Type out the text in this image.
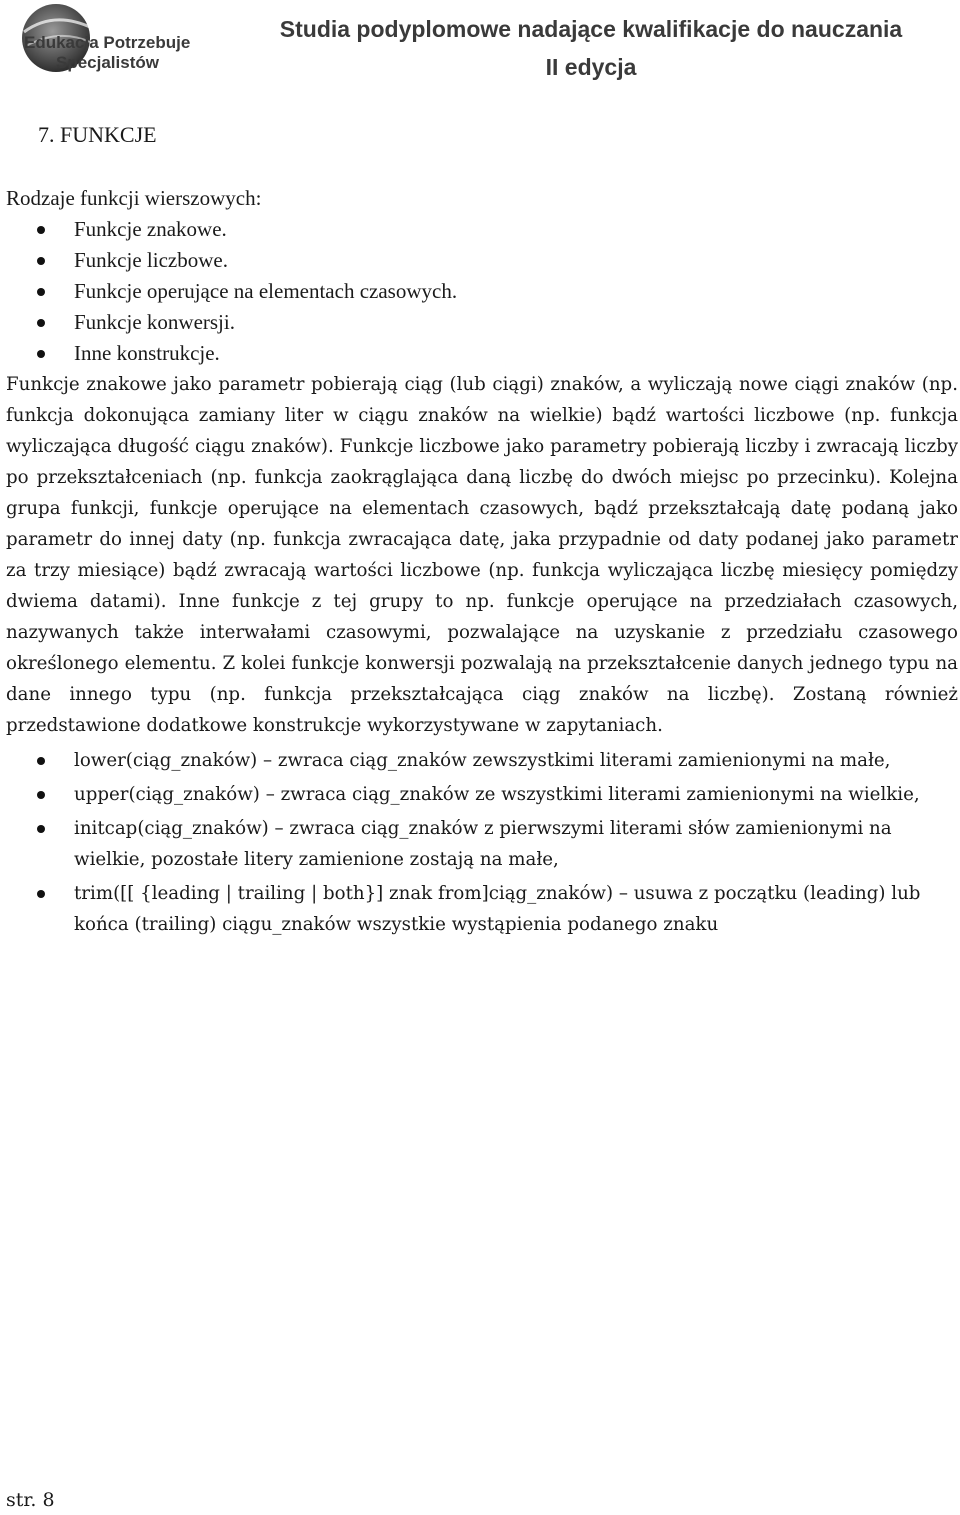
Edukacja Potrzebuje
Specjalistów
Studia podyplomowe nadające kwalifikacje do nauczania
II edycja
7. FUNKCJE

Rodzaje funkcji wierszowych:

Funkcje znakowe.
Funkcje liczbowe.
Funkcje operujące na elementach czasowych.
Funkcje konwersji.
Inne konstrukcje.

Funkcje znakowe jako parametr pobierają ciąg (lub ciągi) znaków, a wyliczają nowe ciągi znaków (np. funkcja dokonująca zamiany liter w ciągu znaków na wielkie) bądź wartości liczbowe (np. funkcja wyliczająca długość ciągu znaków). Funkcje liczbowe jako parametry pobierają liczby i zwracają liczby po przekształceniach (np. funkcja zaokrąglająca daną liczbę do dwóch miejsc po przecinku). Kolejna grupa funkcji, funkcje operujące na elementach czasowych, bądź przekształcają datę podaną jako parametr do innej daty (np. funkcja zwracająca datę, jaka przypadnie od daty podanej jako parametr za trzy miesiące) bądź zwracają wartości liczbowe (np. funkcja wyliczająca liczbę miesięcy pomiędzy dwiema datami). Inne funkcje z tej grupy to np. funkcje operujące na przedziałach czasowych, nazywanych także interwałami czasowymi, pozwalające na uzyskanie z przedziału czasowego określonego elementu. Z kolei funkcje konwersji pozwalają na przekształcenie danych jednego typu na dane innego typu (np. funkcja przekształcająca ciąg znaków na liczbę). Zostaną również przedstawione dodatkowe konstrukcje wykorzystywane w zapytaniach.

lower(ciąg_znaków) – zwraca ciąg_znaków zewszystkimi literami zamienionymi na małe,
upper(ciąg_znaków) – zwraca ciąg_znaków ze wszystkimi literami zamienionymi na wielkie,
initcap(ciąg_znaków) – zwraca ciąg_znaków z pierwszymi literami słów zamienionymi na wielkie, pozostałe litery zamienione zostają na małe,
trim([[ {leading | trailing | both}] znak from]ciąg_znaków) – usuwa z początku (leading) lub końca (trailing) ciągu_znaków wszystkie wystąpienia podanego znaku
str. 8
